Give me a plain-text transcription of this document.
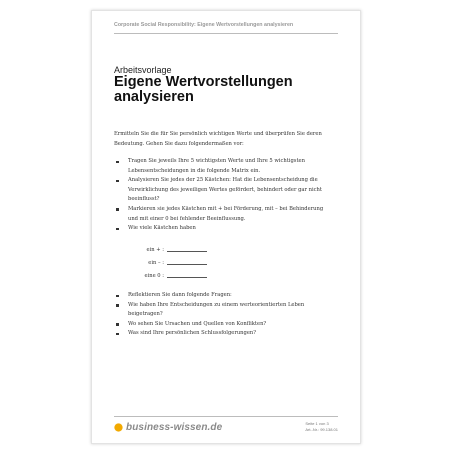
Corporate Social Responsibility: Eigene Wertvorstellungen analysieren
Arbeitsvorlage
Eigene Wertvorstellungen analysieren
Ermitteln Sie die für Sie persönlich wichtigen Werte und überprüfen Sie deren Bedeutung. Gehen Sie dazu folgendermaßen vor:
Tragen Sie jeweils Ihre 5 wichtigsten Werte und Ihre 5 wichtigsten Lebensentscheidungen in die folgende Matrix ein.
Analysieren Sie jedes der 25 Kästchen: Hat die Lebensentscheidung die Verwirklichung des jeweiligen Wertes gefördert, behindert oder gar nicht beeinflusst?
Markieren sie jedes Kästchen mit + bei Förderung, mit – bei Behinderung und mit einer 0 bei fehlender Beeinflussung.
Wie viele Kästchen haben
ein + :
ein – :
eine 0 :
Reflektieren Sie dann folgende Fragen:
Wie haben Ihre Entscheidungen zu einem werteorientierten Leben beigetragen?
Wo sehen Sie Ursachen und Quellen von Konflikten?
Was sind Ihre persönlichen Schlussfolgerungen?
business-wissen.de	Seite 1 von 3
Art.-Nr.: 99.138.01
